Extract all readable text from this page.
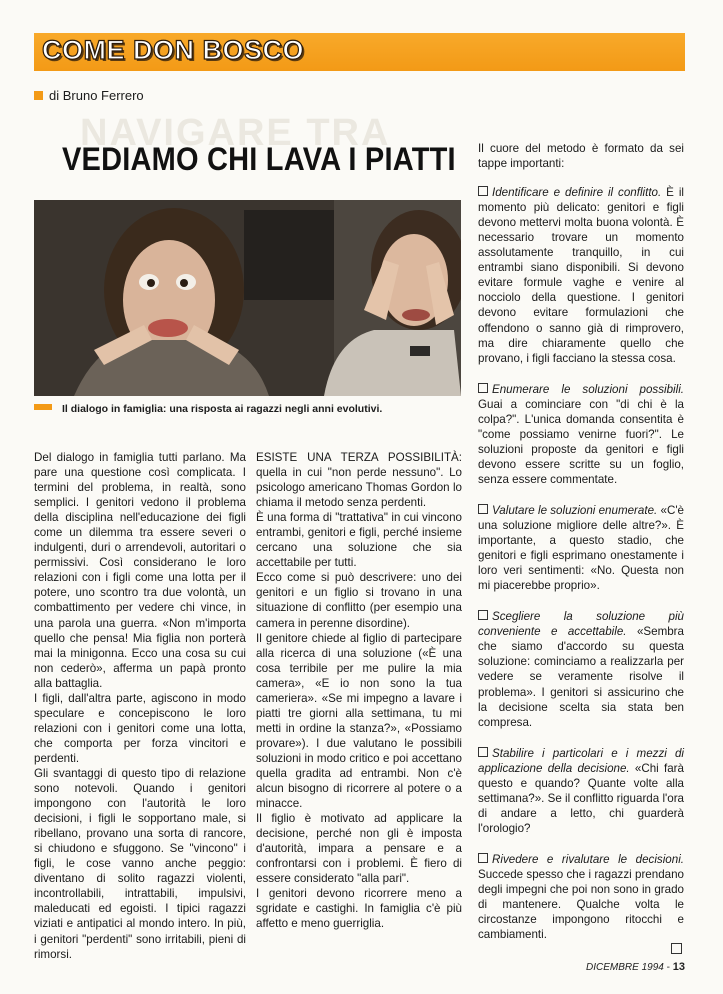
COME DON BOSCO
di Bruno Ferrero
NAVIGARE TRA
VEDIAMO CHI LAVA I PIATTI
Il dialogo in famiglia: una risposta ai ragazzi negli anni evolutivi.

Del dialogo in famiglia tutti parlano. Ma pare una questione così complicata. I termini del problema, in realtà, sono semplici. I genitori vedono il problema della disciplina nell'educazione dei figli come un dilemma tra essere severi o indulgenti, duri o arrendevoli, autoritari o permissivi. Così considerano le loro relazioni con i figli come una lotta per il potere, uno scontro tra due volontà, un combattimento per vedere chi vince, in una parola una guerra. «Non m'importa quello che pensa! Mia figlia non porterà mai la minigonna. Ecco una cosa su cui non cederò», afferma un papà pronto alla battaglia.

I figli, dall'altra parte, agiscono in modo speculare e concepiscono le loro relazioni con i genitori come una lotta, che comporta per forza vincitori e perdenti.

Gli svantaggi di questo tipo di relazione sono notevoli. Quando i genitori impongono con l'autorità le loro decisioni, i figli le sopportano male, si ribellano, provano una sorta di rancore, si chiudono e sfuggono. Se "vincono" i figli, le cose vanno anche peggio: diventano di solito ragazzi violenti, incontrollabili, intrattabili, impulsivi, maleducati ed egoisti. I tipici ragazzi viziati e antipatici al mondo intero. In più, i genitori "perdenti" sono irritabili, pieni di rimorsi.

ESISTE UNA TERZA POSSIBILITÀ: quella in cui "non perde nessuno". Lo psicologo americano Thomas Gordon lo chiama il metodo senza perdenti.

È una forma di "trattativa" in cui vincono entrambi, genitori e figli, perché insieme cercano una soluzione che sia accettabile per tutti.

Ecco come si può descrivere: uno dei genitori e un figlio si trovano in una situazione di conflitto (per esempio una camera in perenne disordine).

Il genitore chiede al figlio di partecipare alla ricerca di una soluzione («È una cosa terribile per me pulire la mia camera», «E io non sono la tua cameriera». «Se mi impegno a lavare i piatti tre giorni alla settimana, tu mi metti in ordine la stanza?», «Possiamo provare»). I due valutano le possibili soluzioni in modo critico e poi accettano quella gradita ad entrambi. Non c'è alcun bisogno di ricorrere al potere o a minacce.

Il figlio è motivato ad applicare la decisione, perché non gli è imposta d'autorità, impara a pensare e a confrontarsi con i problemi. È fiero di essere considerato "alla pari".

I genitori devono ricorrere meno a sgridate e castighi. In famiglia c'è più affetto e meno guerriglia.

Il cuore del metodo è formato da sei tappe importanti:

Identificare e definire il conflitto. È il momento più delicato: genitori e figli devono mettervi molta buona volontà. È necessario trovare un momento assolutamente tranquillo, in cui entrambi siano disponibili. Si devono evitare formule vaghe e venire al nocciolo della questione. I genitori devono evitare formulazioni che offendono o sanno già di rimprovero, ma dire chiaramente quello che provano, i figli facciano la stessa cosa.

Enumerare le soluzioni possibili. Guai a cominciare con "di chi è la colpa?". L'unica domanda consentita è "come possiamo venirne fuori?". Le soluzioni proposte da genitori e figli devono essere scritte su un foglio, senza essere commentate.

Valutare le soluzioni enumerate. «C'è una soluzione migliore delle altre?». È importante, a questo stadio, che genitori e figli esprimano onestamente i loro veri sentimenti: «No. Questa non mi piacerebbe proprio».

Scegliere la soluzione più conveniente e accettabile. «Sembra che siamo d'accordo su questa soluzione: cominciamo a realizzarla per vedere se veramente risolve il problema». I genitori si assicurino che la decisione scelta sia stata ben compresa.

Stabilire i particolari e i mezzi di applicazione della decisione. «Chi farà questo e quando? Quante volte alla settimana?». Se il conflitto riguarda l'ora di andare a letto, chi guarderà l'orologio?

Rivedere e rivalutare le decisioni. Succede spesso che i ragazzi prendano degli impegni che poi non sono in grado di mantenere. Qualche volta le circostanze impongono ritocchi e cambiamenti.

DICEMBRE 1994 - 13
